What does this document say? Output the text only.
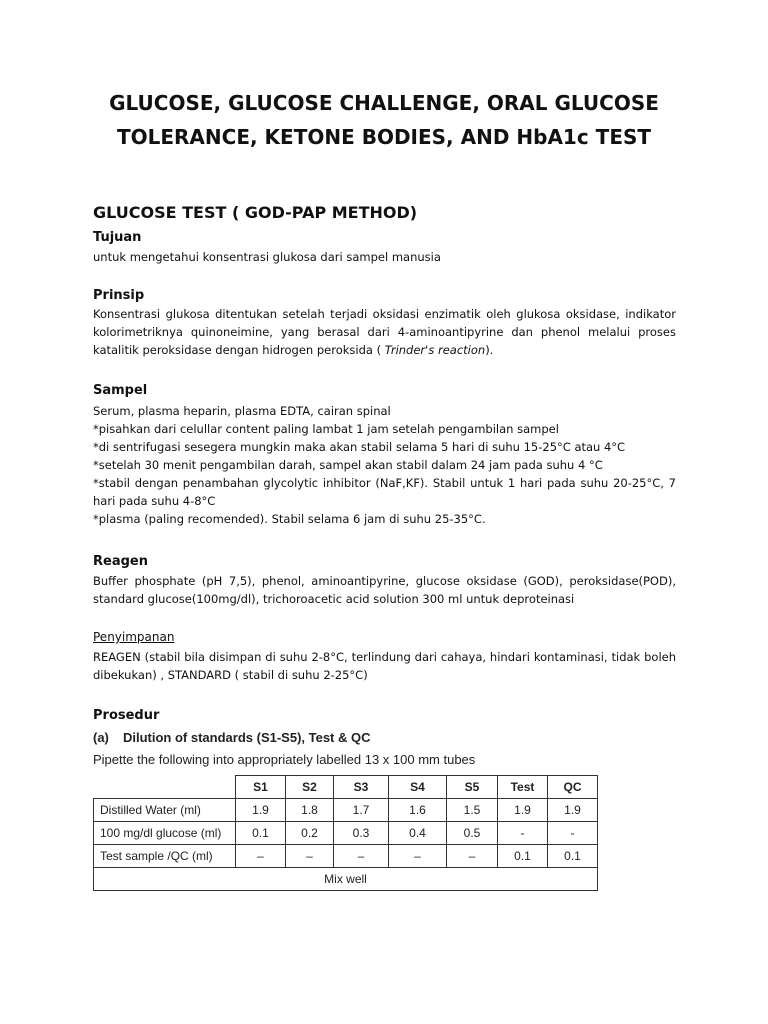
GLUCOSE, GLUCOSE CHALLENGE, ORAL GLUCOSE
TOLERANCE, KETONE BODIES, AND HbA1c TEST
GLUCOSE TEST ( GOD-PAP METHOD)
Tujuan
untuk mengetahui konsentrasi glukosa dari sampel manusia
Prinsip
Konsentrasi glukosa ditentukan setelah terjadi oksidasi enzimatik oleh glukosa oksidase, indikator kolorimetriknya quinoneimine, yang berasal dari 4-aminoantipyrine dan phenol melalui proses katalitik peroksidase dengan hidrogen peroksida ( Trinder's reaction).
Sampel
Serum, plasma heparin, plasma EDTA, cairan spinal
*pisahkan dari celullar content paling lambat 1 jam setelah pengambilan sampel
*di sentrifugasi sesegera mungkin maka akan stabil selama 5 hari di suhu 15-25°C atau 4°C
*setelah 30 menit pengambilan darah, sampel akan stabil dalam 24 jam pada suhu 4 °C
*stabil dengan penambahan glycolytic inhibitor (NaF,KF). Stabil untuk 1 hari pada suhu 20-25°C, 7 hari pada suhu 4-8°C
*plasma (paling recomended). Stabil selama 6 jam di suhu 25-35°C.
Reagen
Buffer phosphate (pH 7,5), phenol, aminoantipyrine, glucose oksidase (GOD), peroksidase(POD), standard glucose(100mg/dl), trichoroacetic acid solution 300 ml untuk deproteinasi
Penyimpanan
REAGEN (stabil bila disimpan di suhu 2-8°C, terlindung dari cahaya, hindari kontaminasi, tidak boleh dibekukan) , STANDARD ( stabil di suhu 2-25°C)
Prosedur
(a) Dilution of standards (S1-S5), Test & QC
Pipette the following into appropriately labelled 13 x 100 mm tubes
	S1	S2	S3	S4	S5	Test	QC
Distilled Water (ml)	1.9	1.8	1.7	1.6	1.5	1.9	1.9
100 mg/dl glucose (ml)	0.1	0.2	0.3	0.4	0.5	-	-
Test sample /QC (ml)	–	–	–	–	–	0.1	0.1
Mix well							
